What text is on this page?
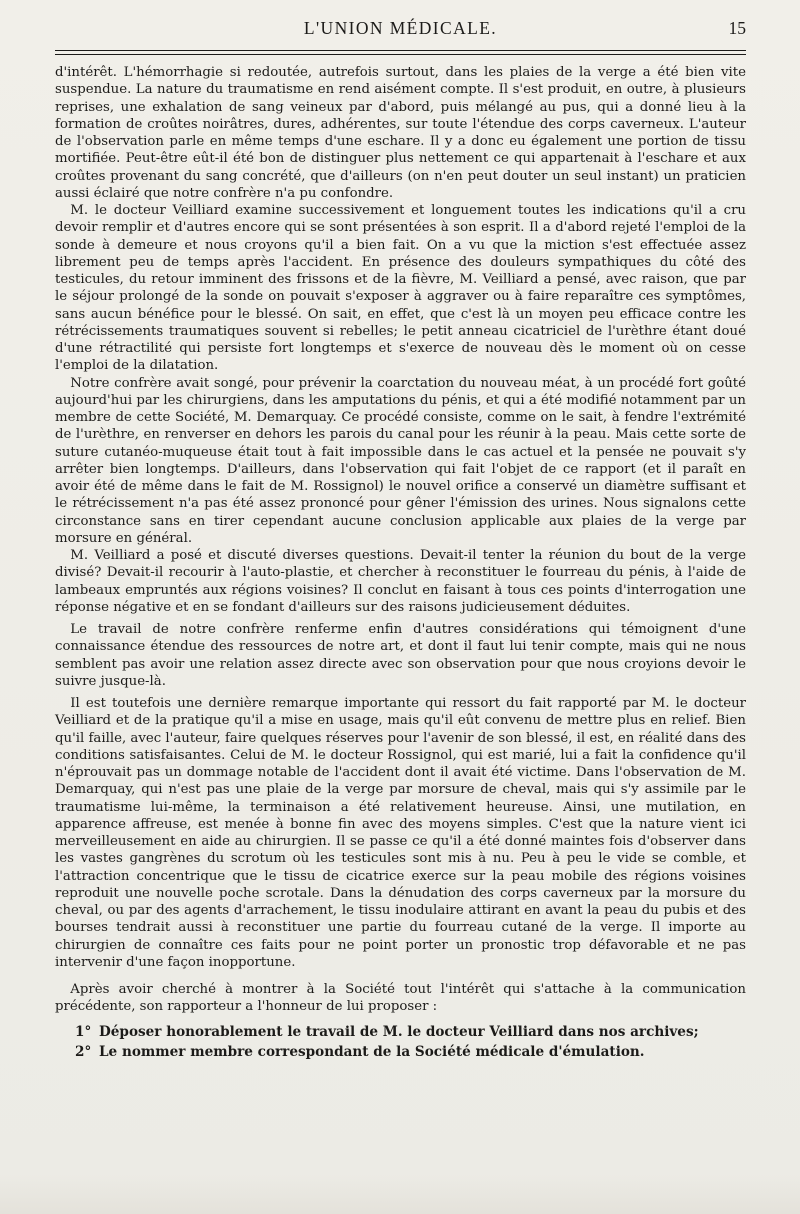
L'UNION MÉDICALE.	15

d'intérêt. L'hémorrhagie si redoutée, autrefois surtout, dans les plaies de la verge a été bien vite suspendue. La nature du traumatisme en rend aisément compte. Il s'est produit, en outre, à plusieurs reprises, une exhalation de sang veineux par d'abord, puis mélangé au pus, qui a donné lieu à la formation de croûtes noirâtres, dures, adhérentes, sur toute l'étendue des corps caverneux. L'auteur de l'observation parle en même temps d'une eschare. Il y a donc eu également une portion de tissu mortifiée. Peut-être eût-il été bon de distinguer plus nettement ce qui appartenait à l'eschare et aux croûtes provenant du sang concrété, que d'ailleurs (on n'en peut douter un seul instant) un praticien aussi éclairé que notre confrère n'a pu confondre.

M. le docteur Veilliard examine successivement et longuement toutes les indications qu'il a cru devoir remplir et d'autres encore qui se sont présentées à son esprit. Il a d'abord rejeté l'emploi de la sonde à demeure et nous croyons qu'il a bien fait. On a vu que la miction s'est effectuée assez librement peu de temps après l'accident. En présence des douleurs sympathiques du côté des testicules, du retour imminent des frissons et de la fièvre, M. Veilliard a pensé, avec raison, que par le séjour prolongé de la sonde on pouvait s'exposer à aggraver ou à faire reparaître ces symptômes, sans aucun bénéfice pour le blessé. On sait, en effet, que c'est là un moyen peu efficace contre les rétrécissements traumatiques souvent si rebelles; le petit anneau cicatriciel de l'urèthre étant doué d'une rétractilité qui persiste fort longtemps et s'exerce de nouveau dès le moment où on cesse l'emploi de la dilatation.

Notre confrère avait songé, pour prévenir la coarctation du nouveau méat, à un procédé fort goûté aujourd'hui par les chirurgiens, dans les amputations du pénis, et qui a été modifié notamment par un membre de cette Société, M. Demarquay. Ce procédé consiste, comme on le sait, à fendre l'extrémité de l'urèthre, en renverser en dehors les parois du canal pour les réunir à la peau. Mais cette sorte de suture cutanéo-muqueuse était tout à fait impossible dans le cas actuel et la pensée ne pouvait s'y arrêter bien longtemps. D'ailleurs, dans l'observation qui fait l'objet de ce rapport (et il paraît en avoir été de même dans le fait de M. Rossignol) le nouvel orifice a conservé un diamètre suffisant et le rétrécissement n'a pas été assez prononcé pour gêner l'émission des urines. Nous signalons cette circonstance sans en tirer cependant aucune conclusion applicable aux plaies de la verge par morsure en général.

M. Veilliard a posé et discuté diverses questions. Devait-il tenter la réunion du bout de la verge divisé? Devait-il recourir à l'auto-plastie, et chercher à reconstituer le fourreau du pénis, à l'aide de lambeaux empruntés aux régions voisines? Il conclut en faisant à tous ces points d'interrogation une réponse négative et en se fondant d'ailleurs sur des raisons judicieusement déduites.

Le travail de notre confrère renferme enfin d'autres considérations qui témoignent d'une connaissance étendue des ressources de notre art, et dont il faut lui tenir compte, mais qui ne nous semblent pas avoir une relation assez directe avec son observation pour que nous croyions devoir le suivre jusque-là.

Il est toutefois une dernière remarque importante qui ressort du fait rapporté par M. le docteur Veilliard et de la pratique qu'il a mise en usage, mais qu'il eût convenu de mettre plus en relief. Bien qu'il faille, avec l'auteur, faire quelques réserves pour l'avenir de son blessé, il est, en réalité dans des conditions satisfaisantes. Celui de M. le docteur Rossignol, qui est marié, lui a fait la confidence qu'il n'éprouvait pas un dommage notable de l'accident dont il avait été victime. Dans l'observation de M. Demarquay, qui n'est pas une plaie de la verge par morsure de cheval, mais qui s'y assimile par le traumatisme lui-même, la terminaison a été relativement heureuse. Ainsi, une mutilation, en apparence affreuse, est menée à bonne fin avec des moyens simples. C'est que la nature vient ici merveilleusement en aide au chirurgien. Il se passe ce qu'il a été donné maintes fois d'observer dans les vastes gangrènes du scrotum où les testicules sont mis à nu. Peu à peu le vide se comble, et l'attraction concentrique que le tissu de cicatrice exerce sur la peau mobile des régions voisines reproduit une nouvelle poche scrotale. Dans la dénudation des corps caverneux par la morsure du cheval, ou par des agents d'arrachement, le tissu inodulaire attirant en avant la peau du pubis et des bourses tendrait aussi à reconstituer une partie du fourreau cutané de la verge. Il importe au chirurgien de connaître ces faits pour ne point porter un pronostic trop défavorable et ne pas intervenir d'une façon inopportune.

Après avoir cherché à montrer à la Société tout l'intérêt qui s'attache à la communication précédente, son rapporteur a l'honneur de lui proposer :

1° Déposer honorablement le travail de M. le docteur Veilliard dans nos archives;
2° Le nommer membre correspondant de la Société médicale d'émulation.
